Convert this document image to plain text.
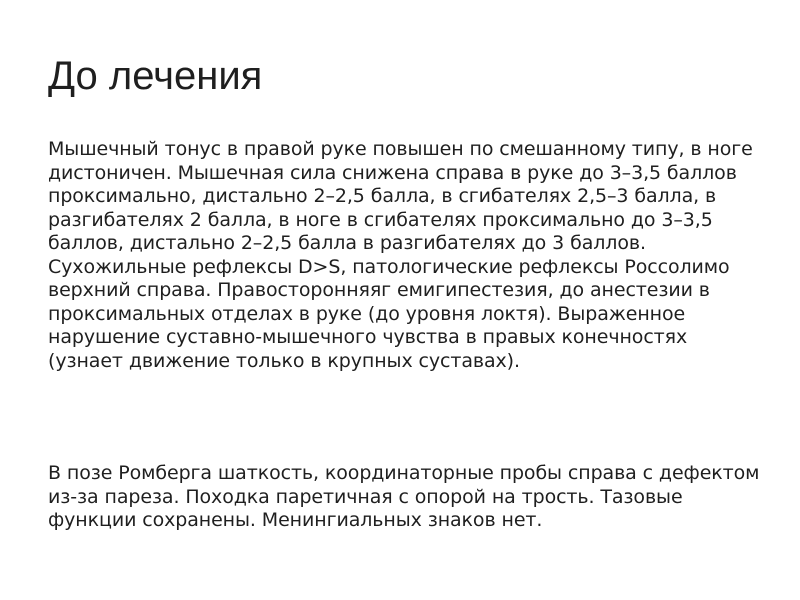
До лечения

Мышечный тонус в правой руке повышен по смешанному типу, в ноге дистоничен. Мышечная сила снижена справа в руке до 3–3,5 баллов проксимально, дистально 2–2,5 балла, в сгибателях 2,5–3 балла, в разгибателях 2 балла, в ноге в сгибателях проксимально до 3–3,5 баллов, дистально 2–2,5 балла в разгибателях до 3 баллов. Сухожильные рефлексы D>S, патологические рефлексы Россолимо верхний справа. Правосторонняяг емигипестезия, до анестезии в проксимальных отделах в руке (до уровня локтя). Выраженное нарушение суставно-мышечного чувства в правых конечностях (узнает движение только в крупных суставах).

В позе Ромберга шаткость, координаторные пробы справа с дефектом из-за пареза. Походка паретичная с опорой на трость. Тазовые функции сохранены. Менингиальных знаков нет.
